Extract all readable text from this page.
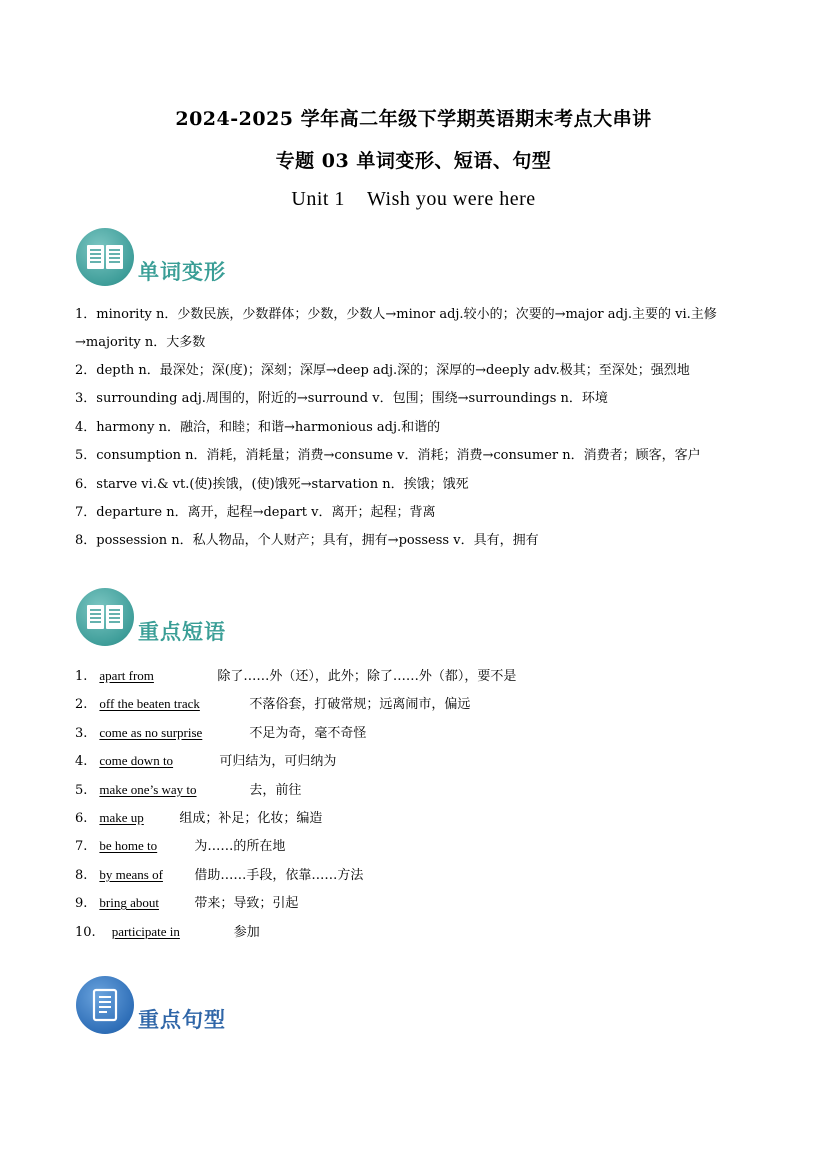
2024-2025 学年高二年级下学期英语期末考点大串讲
专题 03 单词变形、短语、句型
Unit 1 Wish you were here
单词变形
1．minority n．少数民族，少数群体；少数，少数人→minor adj.较小的；次要的→major adj.主要的 vi.主修→majority n．大多数
2．depth n．最深处；深(度)；深刻；深厚→deep adj.深的；深厚的→deeply adv.极其；至深处；强烈地
3．surrounding adj.周围的，附近的→surround v．包围；围绕→surroundings n．环境
4．harmony n．融洽，和睦；和谐→harmonious adj.和谐的
5．consumption n．消耗，消耗量；消费→consume v．消耗；消费→consumer n．消费者；顾客，客户
6．starve vi.& vt.(使)挨饿，(使)饿死→starvation n．挨饿；饿死
7．departure n．离开，起程→depart v．离开；起程；背离
8．possession n．私人物品，个人财产；具有，拥有→possess v．具有，拥有
重点短语
1. apart from	除了……外（还），此外；除了……外（都），要不是
2. off the beaten track	不落俗套，打破常规；远离闹市，偏远
3. come as no surprise	不足为奇，毫不奇怪
4. come down to	可归结为，可归纳为
5. make one’s way to	去，前往
6. make up	组成；补足；化妆；编造
7. be home to	为……的所在地
8. by means of 借助……手段，依靠……方法
9. bring about	带来；导致；引起
10. participate in	参加
重点句型
